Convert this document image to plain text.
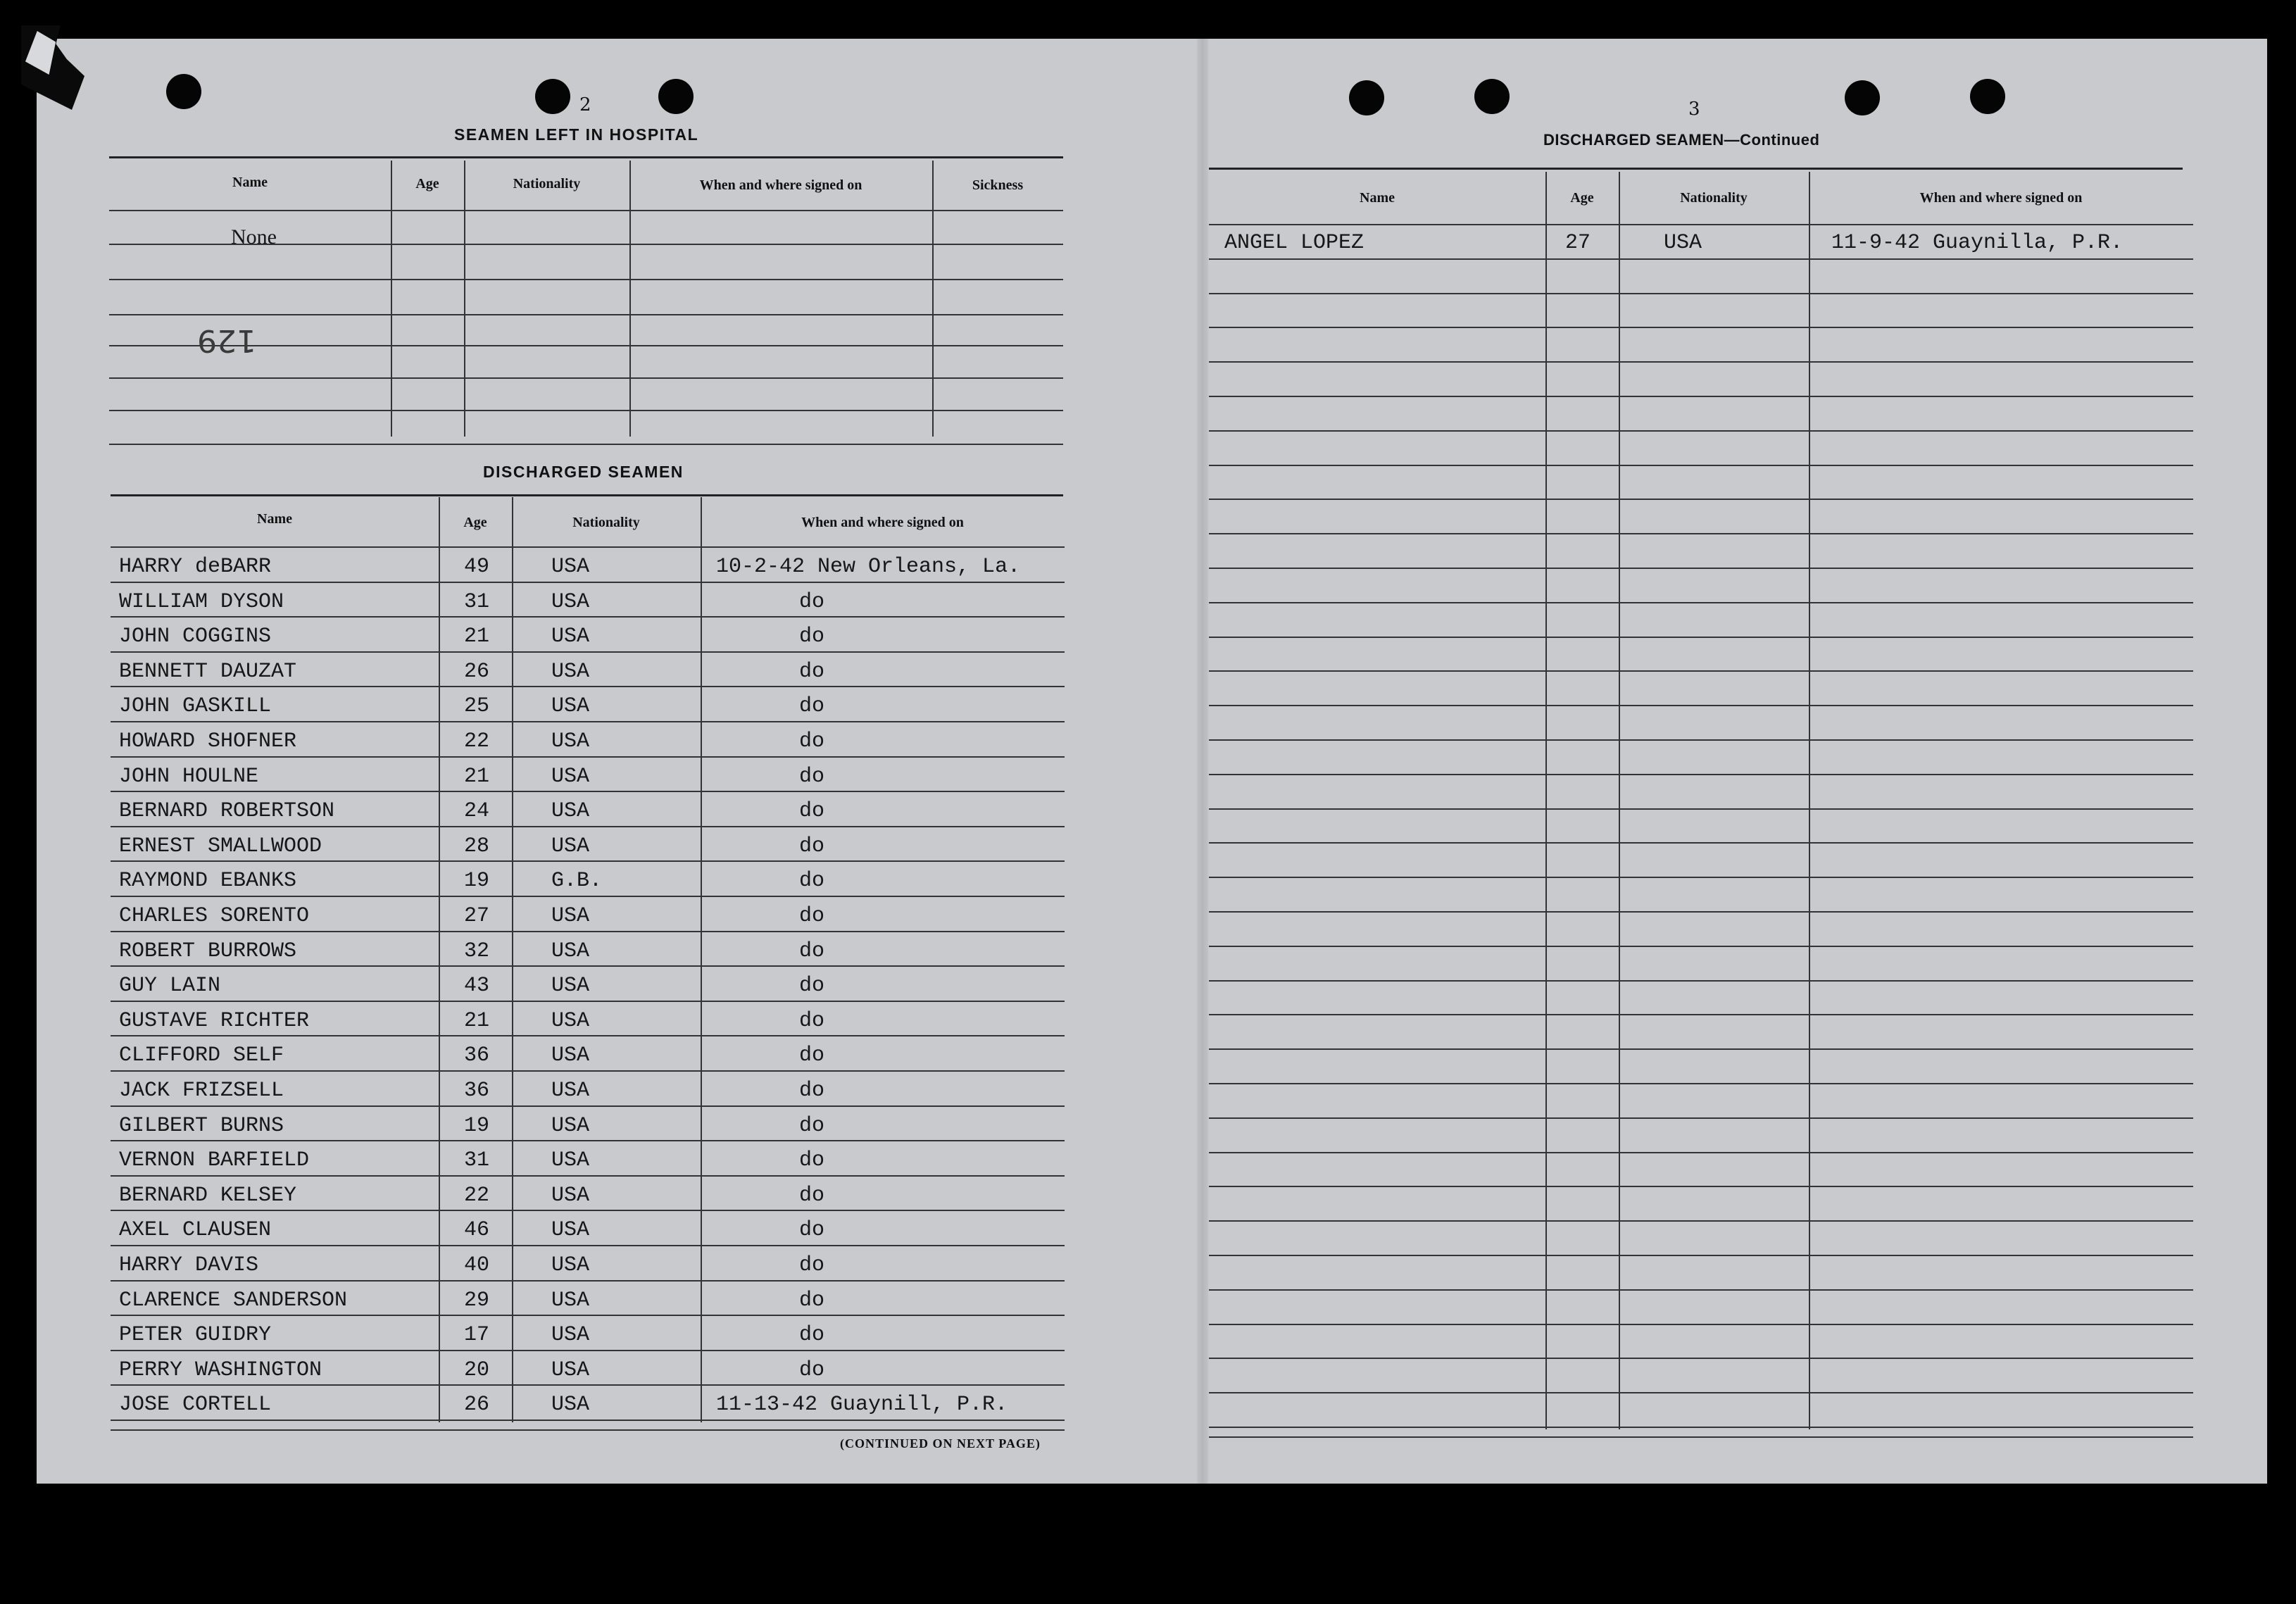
2
SEAMEN LEFT IN HOSPITAL
Name	Age	Nationality	When and where signed on	Sickness
None
129
DISCHARGED SEAMEN
Name	Age	Nationality	When and where signed on
HARRY deBARR	49	USA	10-2-42 New Orleans, La.
WILLIAM DYSON	31	USA	do
JOHN COGGINS	21	USA	do
BENNETT DAUZAT	26	USA	do
JOHN GASKILL	25	USA	do
HOWARD SHOFNER	22	USA	do
JOHN HOULNE	21	USA	do
BERNARD ROBERTSON	24	USA	do
ERNEST SMALLWOOD	28	USA	do
RAYMOND EBANKS	19	G.B.	do
CHARLES SORENTO	27	USA	do
ROBERT BURROWS	32	USA	do
GUY LAIN	43	USA	do
GUSTAVE RICHTER	21	USA	do
CLIFFORD SELF	36	USA	do
JACK FRIZSELL	36	USA	do
GILBERT BURNS	19	USA	do
VERNON BARFIELD	31	USA	do
BERNARD KELSEY	22	USA	do
AXEL CLAUSEN	46	USA	do
HARRY DAVIS	40	USA	do
CLARENCE SANDERSON	29	USA	do
PETER GUIDRY	17	USA	do
PERRY WASHINGTON	20	USA	do
JOSE CORTELL	26	USA	11-13-42 Guaynill, P.R.
(CONTINUED ON NEXT PAGE)
3
DISCHARGED SEAMEN—Continued
Name	Age	Nationality	When and where signed on
ANGEL LOPEZ	27	USA	11-9-42 Guaynilla, P.R.
